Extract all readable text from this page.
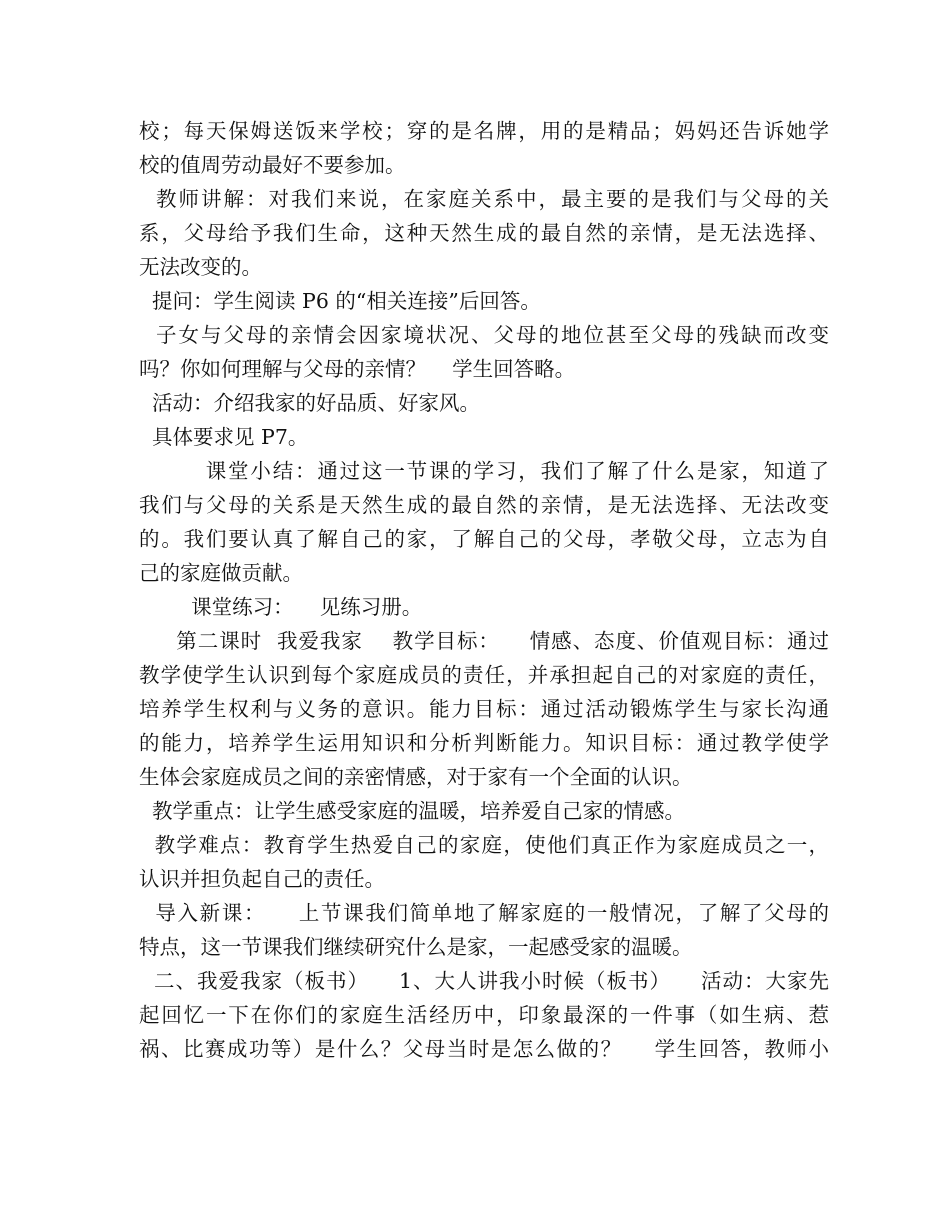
校；每天保姆送饭来学校；穿的是名牌，用的是精品；妈妈还告诉她学
校的值周劳动最好不要参加。
教师讲解：对我们来说，在家庭关系中，最主要的是我们与父母的关
系，父母给予我们生命，这种天然生成的最自然的亲情，是无法选择、
无法改变的。
提问：学生阅读 P6 的“相关连接”后回答。
子女与父母的亲情会因家境状况、父母的地位甚至父母的残缺而改变
吗？你如何理解与父母的亲情？    学生回答略。
活动：介绍我家的好品质、好家风。
具体要求见 P7。
课堂小结：通过这一节课的学习，我们了解了什么是家，知道了
我们与父母的关系是天然生成的最自然的亲情，是无法选择、无法改变
的。我们要认真了解自己的家，了解自己的父母，孝敬父母，立志为自
己的家庭做贡献。
课堂练习：    见练习册。
第二课时  我爱我家    教学目标：    情感、态度、价值观目标：通过
教学使学生认识到每个家庭成员的责任，并承担起自己的对家庭的责任，
培养学生权利与义务的意识。能力目标：通过活动锻炼学生与家长沟通
的能力，培养学生运用知识和分析判断能力。知识目标：通过教学使学
生体会家庭成员之间的亲密情感，对于家有一个全面的认识。
教学重点：让学生感受家庭的温暖，培养爱自己家的情感。
教学难点：教育学生热爱自己的家庭，使他们真正作为家庭成员之一，
认识并担负起自己的责任。
导入新课：    上节课我们简单地了解家庭的一般情况，了解了父母的
特点，这一节课我们继续研究什么是家，一起感受家的温暖。
二、我爱我家（板书）    1、大人讲我小时候（板书）    活动：大家先
起回忆一下在你们的家庭生活经历中，印象最深的一件事（如生病、惹
祸、比赛成功等）是什么？父母当时是怎么做的？    学生回答，教师小
